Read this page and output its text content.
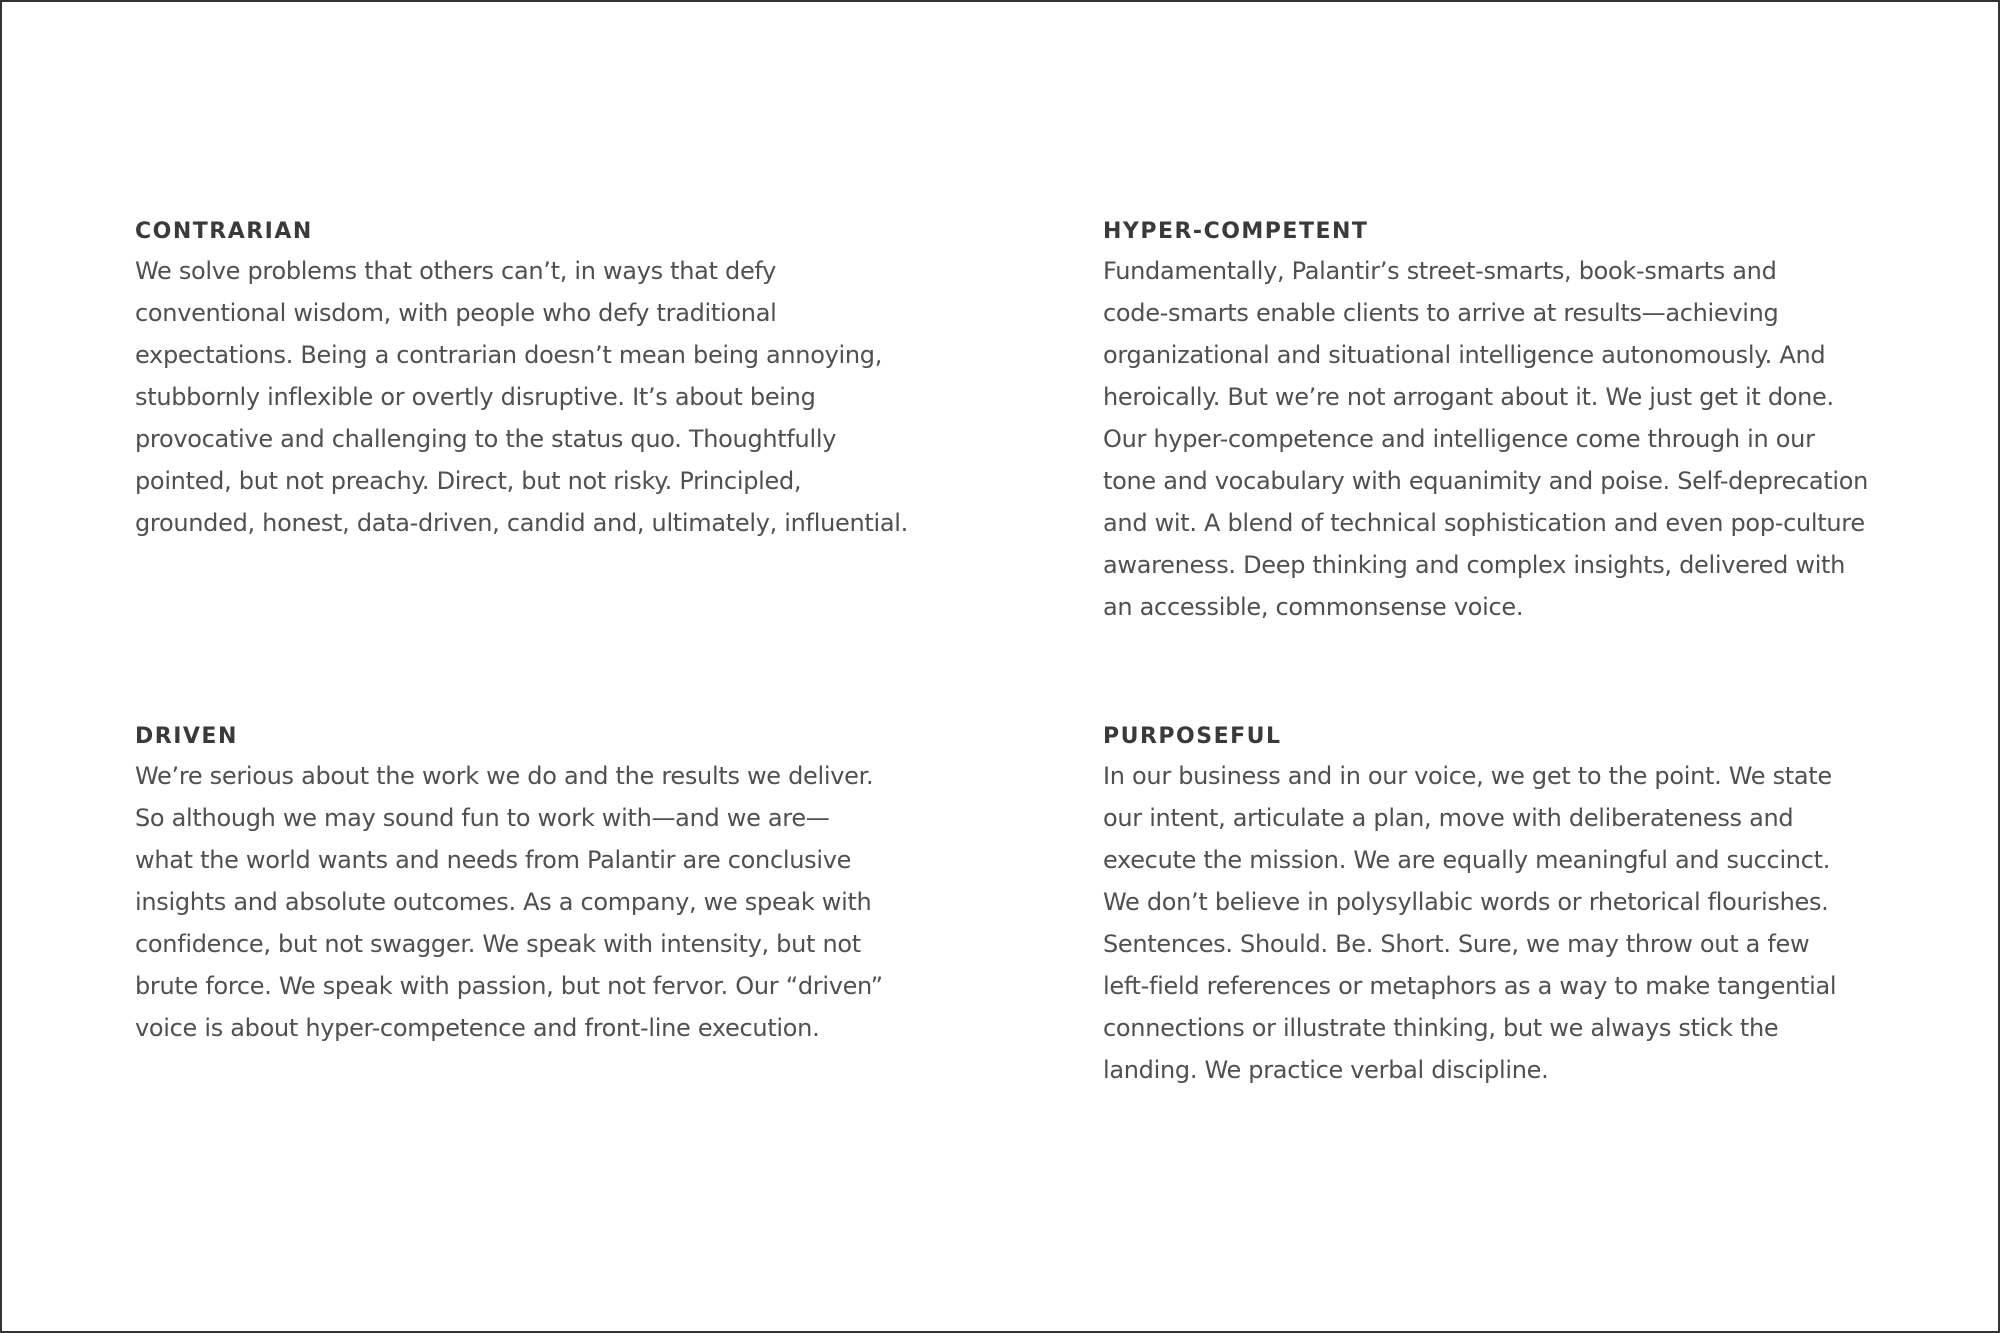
CONTRARIAN

We solve problems that others can’t, in ways that defy
conventional wisdom, with people who defy traditional
expectations. Being a contrarian doesn’t mean being annoying,
stubbornly inflexible or overtly disruptive. It’s about being
provocative and challenging to the status quo. Thoughtfully
pointed, but not preachy. Direct, but not risky. Principled,
grounded, honest, data-driven, candid and, ultimately, influential.

HYPER-COMPETENT

Fundamentally, Palantir’s street-smarts, book-smarts and
code-smarts enable clients to arrive at results—achieving
organizational and situational intelligence autonomously. And
heroically. But we’re not arrogant about it. We just get it done.
Our hyper-competence and intelligence come through in our
tone and vocabulary with equanimity and poise. Self-deprecation
and wit. A blend of technical sophistication and even pop-culture
awareness. Deep thinking and complex insights, delivered with
an accessible, commonsense voice.

DRIVEN

We’re serious about the work we do and the results we deliver.
So although we may sound fun to work with—and we are—
what the world wants and needs from Palantir are conclusive
insights and absolute outcomes. As a company, we speak with
confidence, but not swagger. We speak with intensity, but not
brute force. We speak with passion, but not fervor. Our “driven”
voice is about hyper-competence and front-line execution.

PURPOSEFUL

In our business and in our voice, we get to the point. We state
our intent, articulate a plan, move with deliberateness and
execute the mission. We are equally meaningful and succinct.
We don’t believe in polysyllabic words or rhetorical flourishes.
Sentences. Should. Be. Short. Sure, we may throw out a few
left-field references or metaphors as a way to make tangential
connections or illustrate thinking, but we always stick the
landing. We practice verbal discipline.
